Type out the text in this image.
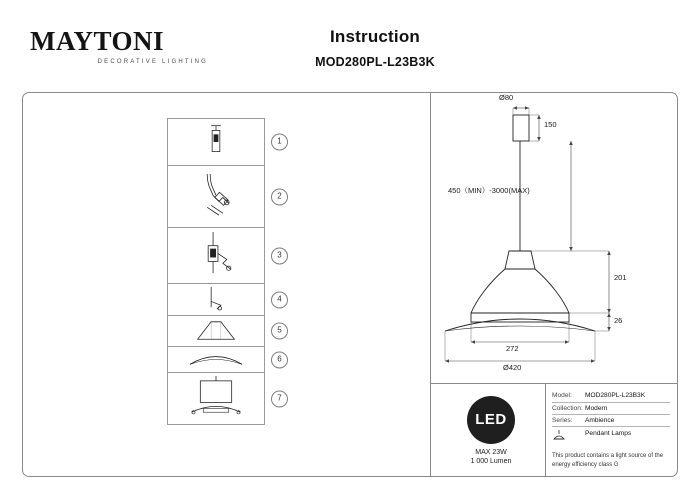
MAYTONI
DECORATIVE LIGHTING
Instruction
MOD280PL-L23B3K
1
2
3
4
5
6
7
Ø80
150
450（MIN）-3000(MAX)
201
26
272
Ø420
LED
MAX 23W
1 000 Lumen
Model:	MOD280PL-L23B3K
Collection: Modern
Series:	Ambience
Pendant Lamps
This product contains a light source of the energy efficiency class G
